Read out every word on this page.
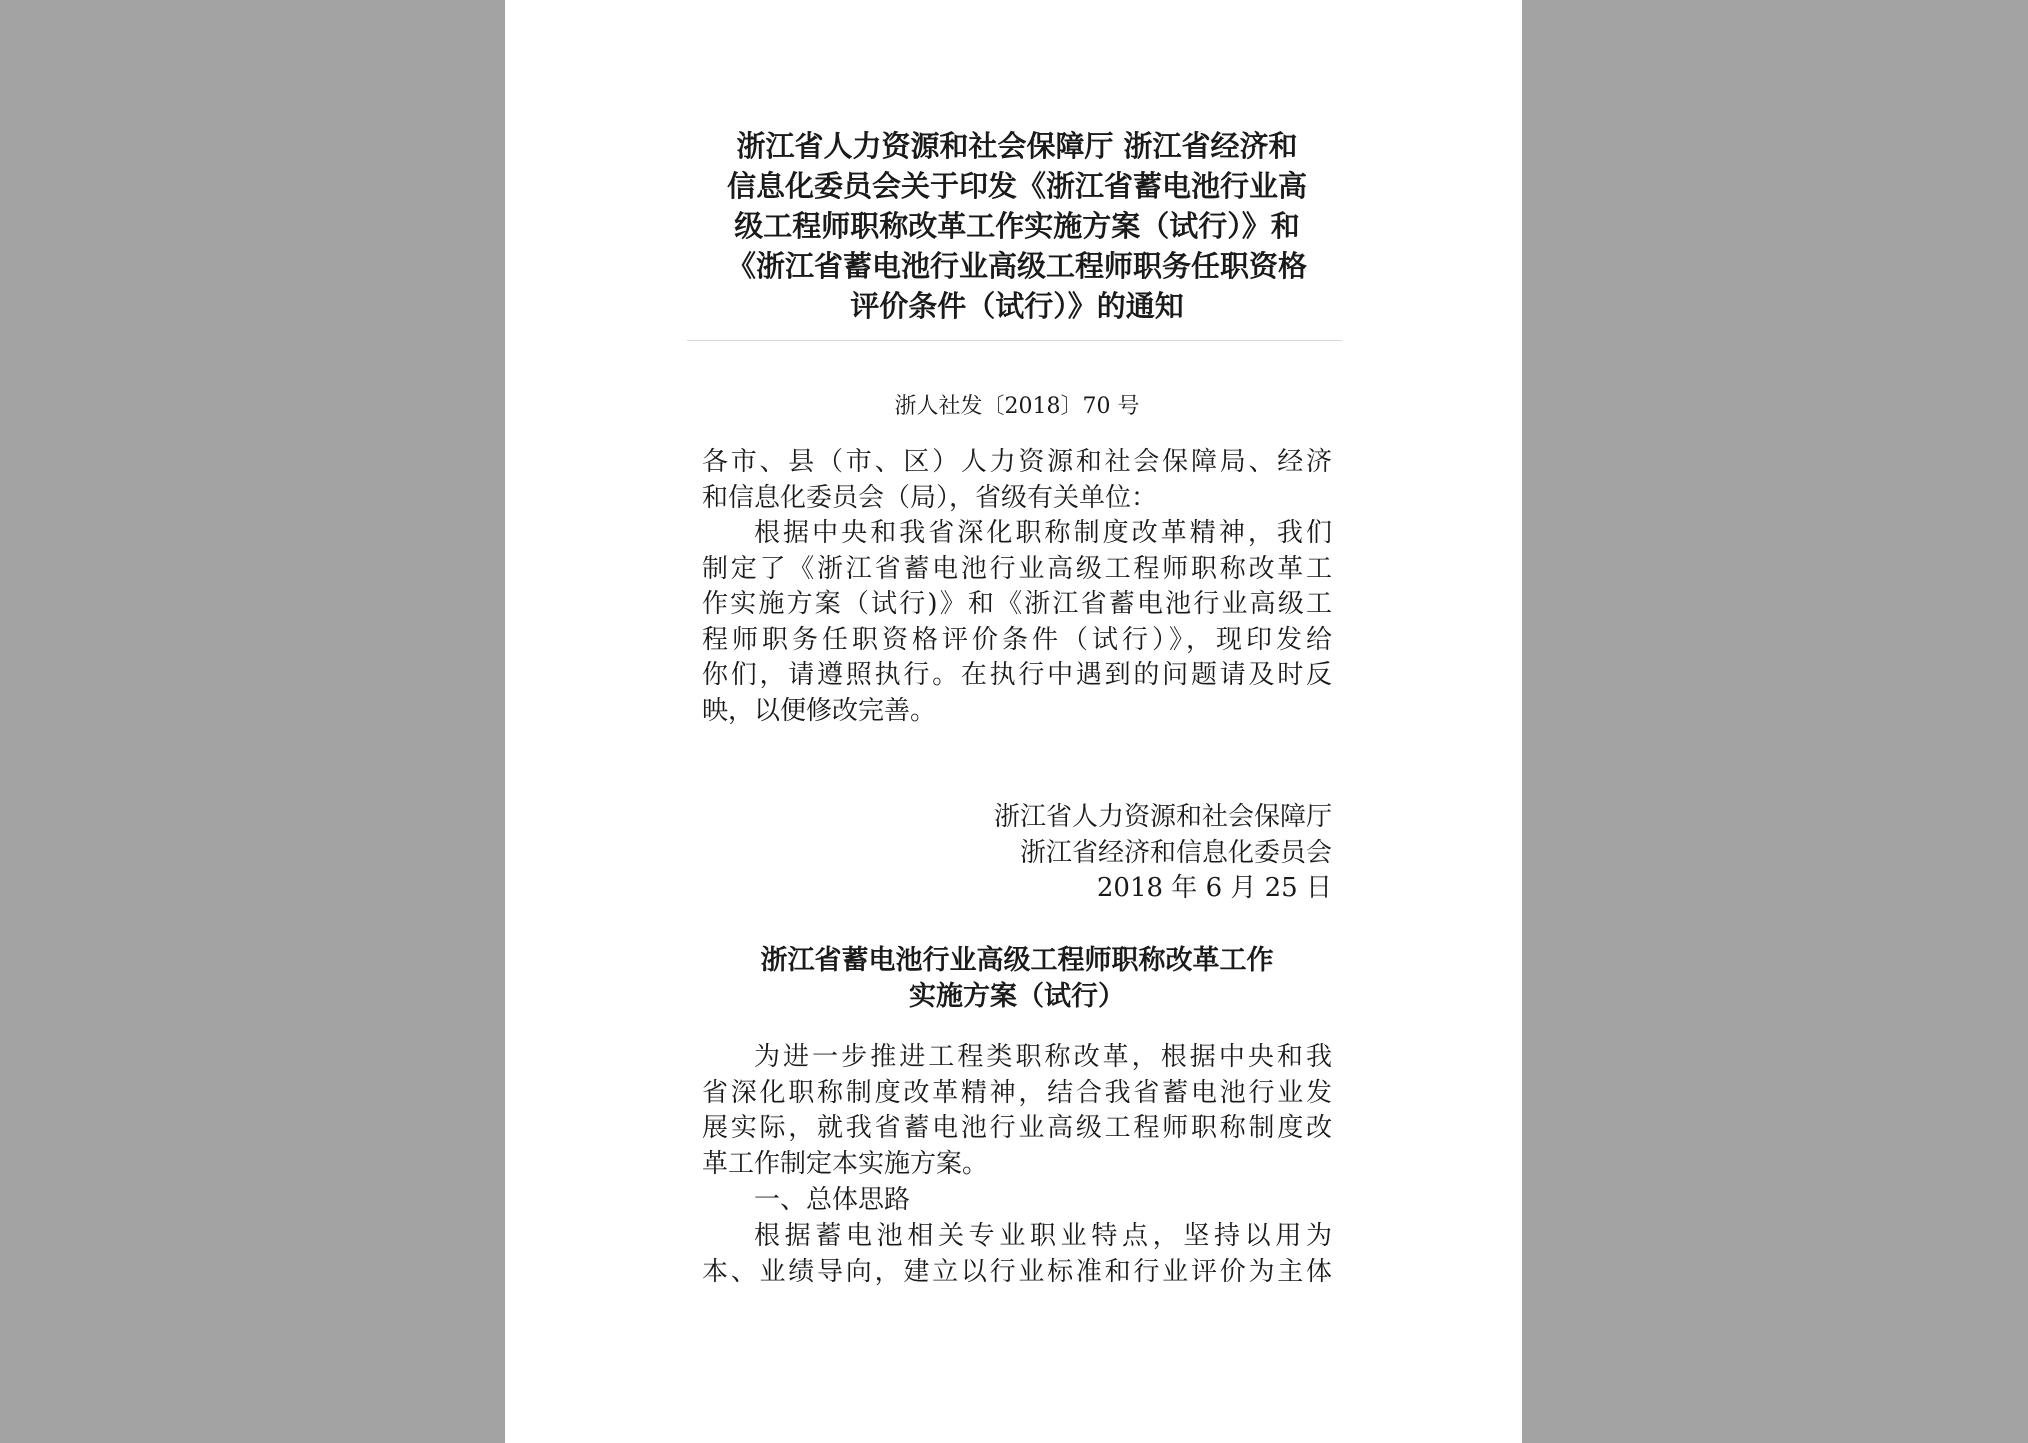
浙江省人力资源和社会保障厅 浙江省经济和
信息化委员会关于印发《浙江省蓄电池行业高
级工程师职称改革工作实施方案（试行）》和
《浙江省蓄电池行业高级工程师职务任职资格
评价条件（试行）》的通知
浙人社发〔2018〕70 号
各市、县（市、区）人力资源和社会保障局、经济
和信息化委员会（局），省级有关单位：
根据中央和我省深化职称制度改革精神，我们
制定了《浙江省蓄电池行业高级工程师职称改革工
作实施方案（试行)》和《浙江省蓄电池行业高级工
程师职务任职资格评价条件（试行）》，现印发给
你们，请遵照执行。在执行中遇到的问题请及时反
映，以便修改完善。
浙江省人力资源和社会保障厅
浙江省经济和信息化委员会
2018 年 6 月 25 日
浙江省蓄电池行业高级工程师职称改革工作
实施方案（试行）
为进一步推进工程类职称改革，根据中央和我
省深化职称制度改革精神，结合我省蓄电池行业发
展实际，就我省蓄电池行业高级工程师职称制度改
革工作制定本实施方案。
一、总体思路
根据蓄电池相关专业职业特点，坚持以用为
本、业绩导向，建立以行业标准和行业评价为主体
